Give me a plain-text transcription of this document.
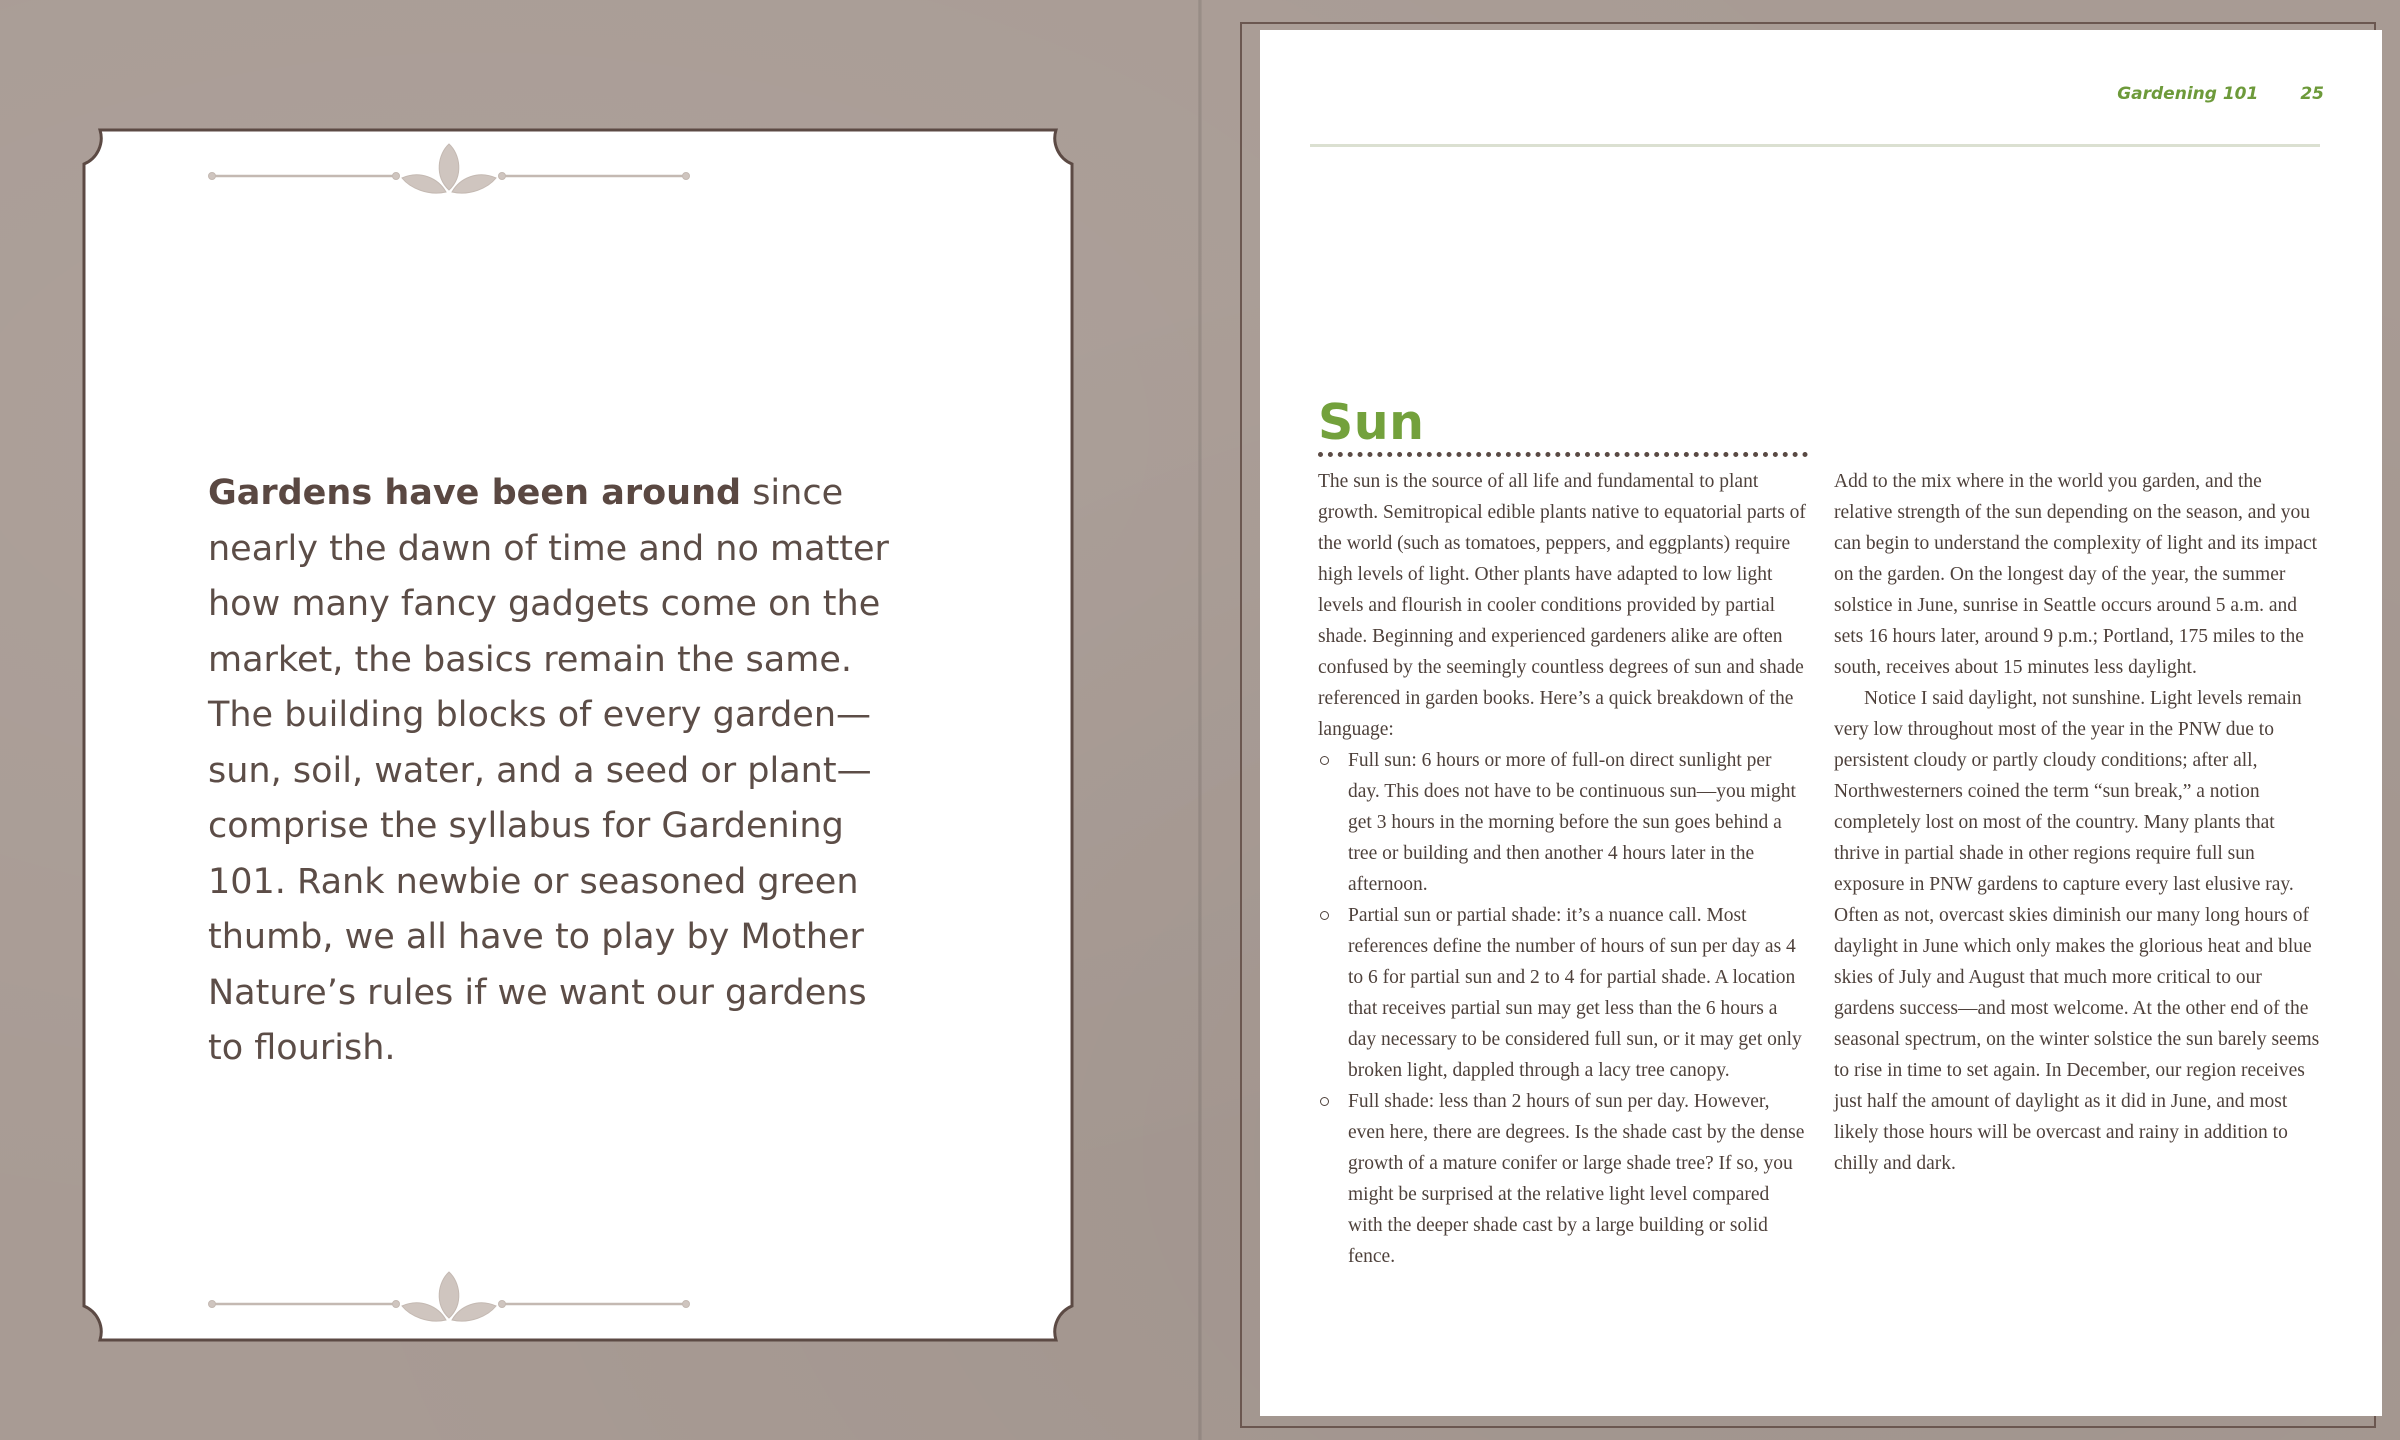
Gardens have been around since nearly the dawn of time and no matter how many fancy gadgets come on the market, the basics remain the same. The building blocks of every garden—sun, soil, water, and a seed or plant—comprise the syllabus for Gardening 101. Rank newbie or seasoned green thumb, we all have to play by Mother Nature’s rules if we want our gardens to flourish.

Gardening 101 25
Sun

The sun is the source of all life and fundamental to plant growth. Semitropical edible plants native to equatorial parts of the world (such as tomatoes, peppers, and eggplants) require high levels of light. Other plants have adapted to low light levels and flourish in cooler conditions provided by partial shade. Beginning and experienced gardeners alike are often confused by the seemingly countless degrees of sun and shade referenced in garden books. Here’s a quick breakdown of the language:

Full sun: 6 hours or more of full-on direct sunlight per day. This does not have to be continuous sun—you might get 3 hours in the morning before the sun goes behind a tree or building and then another 4 hours later in the afternoon.
Partial sun or partial shade: it’s a nuance call. Most references define the number of hours of sun per day as 4 to 6 for partial sun and 2 to 4 for partial shade. A location that receives partial sun may get less than the 6 hours a day necessary to be considered full sun, or it may get only broken light, dappled through a lacy tree canopy.
Full shade: less than 2 hours of sun per day. However, even here, there are degrees. Is the shade cast by the dense growth of a mature conifer or large shade tree? If so, you might be surprised at the relative light level compared with the deeper shade cast by a large building or solid fence.

Add to the mix where in the world you garden, and the relative strength of the sun depending on the season, and you can begin to understand the complexity of light and its impact on the garden. On the longest day of the year, the summer solstice in June, sunrise in Seattle occurs around 5 a.m. and sets 16 hours later, around 9 p.m.; Portland, 175 miles to the south, receives about 15 minutes less daylight.

Notice I said daylight, not sunshine. Light levels remain very low throughout most of the year in the PNW due to persistent cloudy or partly cloudy conditions; after all, Northwesterners coined the term “sun break,” a notion completely lost on most of the country. Many plants that thrive in partial shade in other regions require full sun exposure in PNW gardens to capture every last elusive ray. Often as not, overcast skies diminish our many long hours of daylight in June which only makes the glorious heat and blue skies of July and August that much more critical to our gardens success—and most welcome. At the other end of the seasonal spectrum, on the winter solstice the sun barely seems to rise in time to set again. In December, our region receives just half the amount of daylight as it did in June, and most likely those hours will be overcast and rainy in addition to chilly and dark.
